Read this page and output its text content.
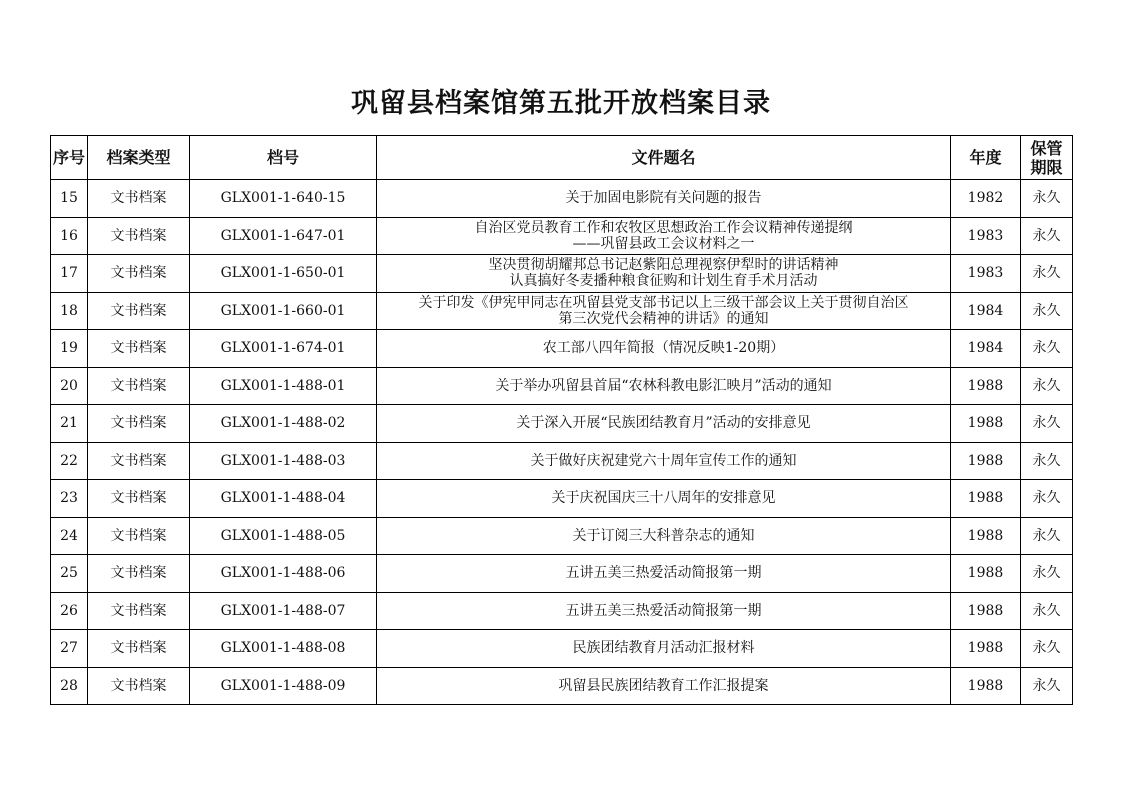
巩留县档案馆第五批开放档案目录
序号	档案类型	档号	文件题名	年度	保管
期限

15	文书档案	GLX001-1-640-15	关于加固电影院有关问题的报告	1982	永久
16	文书档案	GLX001-1-647-01	自治区党员教育工作和农牧区思想政治工作会议精神传递提纲
——巩留县政工会议材料之一	1983	永久
17	文书档案	GLX001-1-650-01	坚决贯彻胡耀邦总书记赵紫阳总理视察伊犁时的讲话精神
认真搞好冬麦播种粮食征购和计划生育手术月活动	1983	永久
18	文书档案	GLX001-1-660-01	关于印发《伊宪甲同志在巩留县党支部书记以上三级干部会议上关于贯彻自治区
第三次党代会精神的讲话》的通知	1984	永久
19	文书档案	GLX001-1-674-01	农工部八四年简报（情况反映1-20期）	1984	永久
20	文书档案	GLX001-1-488-01	关于举办巩留县首届“农林科教电影汇映月”活动的通知	1988	永久
21	文书档案	GLX001-1-488-02	关于深入开展“民族团结教育月”活动的安排意见	1988	永久
22	文书档案	GLX001-1-488-03	关于做好庆祝建党六十周年宣传工作的通知	1988	永久
23	文书档案	GLX001-1-488-04	关于庆祝国庆三十八周年的安排意见	1988	永久
24	文书档案	GLX001-1-488-05	关于订阅三大科普杂志的通知	1988	永久
25	文书档案	GLX001-1-488-06	五讲五美三热爱活动简报第一期	1988	永久
26	文书档案	GLX001-1-488-07	五讲五美三热爱活动简报第一期	1988	永久
27	文书档案	GLX001-1-488-08	民族团结教育月活动汇报材料	1988	永久
28	文书档案	GLX001-1-488-09	巩留县民族团结教育工作汇报提案	1988	永久
